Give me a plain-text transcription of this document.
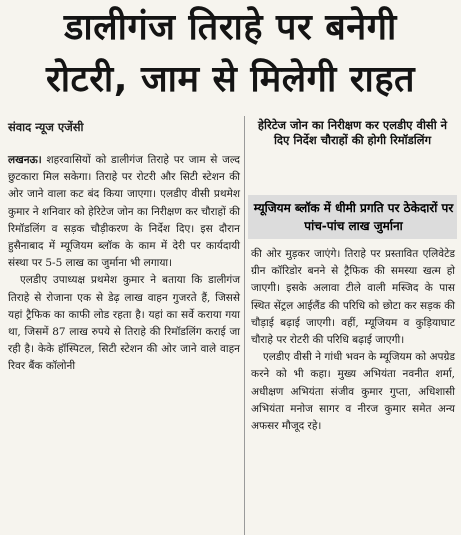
डालीगंज तिराहे पर बनेगी
रोटरी, जाम से मिलेगी राहत
संवाद न्यूज एजेंसी	हेरिटेज जोन का निरीक्षण कर एलडीए वीसी ने दिए निर्देश चौराहों की होगी रिमॉडलिंग
म्यूजियम ब्लॉक में धीमी प्रगति पर ठेकेदारों पर पांच-पांच लाख जुर्माना

लखनऊ। शहरवासियों को डालीगंज तिराहे पर जाम से जल्द छुटकारा मिल सकेगा। तिराहे पर रोटरी और सिटी स्टेशन की ओर जाने वाला कट बंद किया जाएगा। एलडीए वीसी प्रथमेश कुमार ने शनिवार को हेरिटेज जोन का निरीक्षण कर चौराहों की रिमॉडलिंग व सड़क चौड़ीकरण के निर्देश दिए। इस दौरान हुसैनाबाद में म्यूजियम ब्लॉक के काम में देरी पर कार्यदायी संस्था पर 5-5 लाख का जुर्माना भी लगाया।

एलडीए उपाध्यक्ष प्रथमेश कुमार ने बताया कि डालीगंज तिराहे से रोजाना एक से डेढ़ लाख वाहन गुजरते हैं, जिससे यहां ट्रैफिक का काफी लोड रहता है। यहां का सर्वे कराया गया था, जिसमें 87 लाख रुपये से तिराहे की रिमॉडलिंग कराई जा रही है। केके हॉस्पिटल, सिटी स्टेशन की ओर जाने वाले वाहन रिवर बैंक कॉलोनी

की ओर मुड़कर जाएंगे। तिराहे पर प्रस्तावित एलिवेटेड ग्रीन कॉरिडोर बनने से ट्रैफिक की समस्या खत्म हो जाएगी। इसके अलावा टीले वाली मस्जिद के पास स्थित सेंट्रल आईलैंड की परिधि को छोटा कर सड़क की चौड़ाई बढ़ाई जाएगी। वहीं, म्यूजियम व कुड़ियाघाट चौराहे पर रोटरी की परिधि बढ़ाई जाएगी।

एलडीए वीसी ने गांधी भवन के म्यूजियम को अपग्रेड करने को भी कहा। मुख्य अभियंता नवनीत शर्मा, अधीक्षण अभियंता संजीव कुमार गुप्ता, अधिशासी अभियंता मनोज सागर व नीरज कुमार समेत अन्य अफसर मौजूद रहे।
